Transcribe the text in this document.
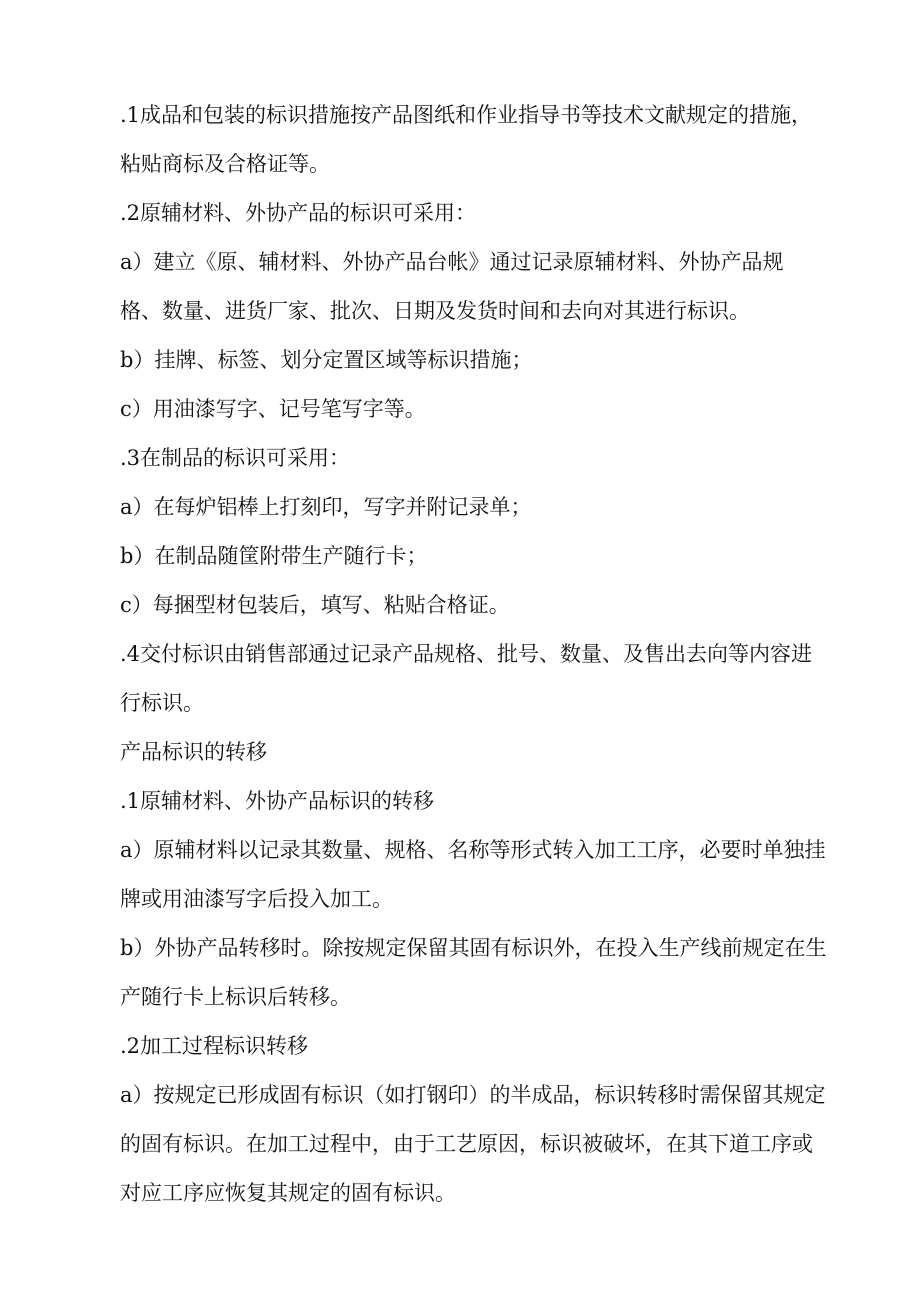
.1成品和包装的标识措施按产品图纸和作业指导书等技术文献规定的措施，
粘贴商标及合格证等。
.2原辅材料、外协产品的标识可采用：
a）建立《原、辅材料、外协产品台帐》通过记录原辅材料、外协产品规
格、数量、进货厂家、批次、日期及发货时间和去向对其进行标识。
b）挂牌、标签、划分定置区域等标识措施；
c）用油漆写字、记号笔写字等。
.3在制品的标识可采用：
a）在每炉铝棒上打刻印，写字并附记录单；
b）在制品随筐附带生产随行卡；
c）每捆型材包装后，填写、粘贴合格证。
.4交付标识由销售部通过记录产品规格、批号、数量、及售出去向等内容进
行标识。
产品标识的转移
.1原辅材料、外协产品标识的转移
a）原辅材料以记录其数量、规格、名称等形式转入加工工序，必要时单独挂
牌或用油漆写字后投入加工。
b）外协产品转移时。除按规定保留其固有标识外，在投入生产线前规定在生
产随行卡上标识后转移。
.2加工过程标识转移
a）按规定已形成固有标识（如打钢印）的半成品，标识转移时需保留其规定
的固有标识。在加工过程中，由于工艺原因，标识被破坏，在其下道工序或
对应工序应恢复其规定的固有标识。
